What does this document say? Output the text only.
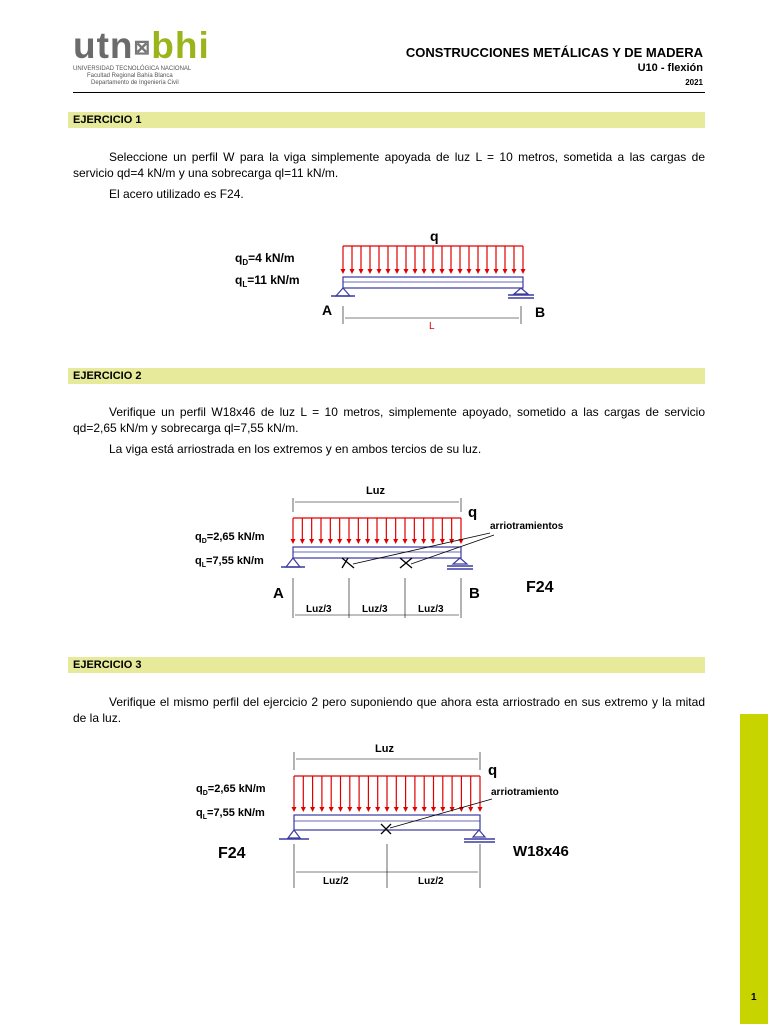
utn⊠bhi
UNIVERSIDAD TECNOLÓGICA NACIONAL
Facultad Regional Bahía Blanca
Departamento de Ingeniería Civil
CONSTRUCCIONES METÁLICAS Y DE MADERA
U10 - flexión
2021
EJERCICIO 1
Seleccione un perfil W para la viga simplemente apoyada de luz L = 10 metros, sometida a las cargas de servicio qd=4 kN/m y una sobrecarga ql=11 kN/m.
El acero utilizado es F24.
q
$q_D=4$ kN/m
$q_L=11$ kN/m
A	B
L
EJERCICIO 2
Verifique un perfil W18x46 de luz L = 10 metros, simplemente apoyado, sometido a las cargas de servicio qd=2,65 kN/m y sobrecarga ql=7,55 kN/m.
La viga está arriostrada en los extremos y en ambos tercios de su luz.
Luz
q
arriotramientos
$q_D=2,65$ kN/m
$q_L=7,55$ kN/m
A	B	F24
Luz/3	Luz/3	Luz/3
EJERCICIO 3
Verifique el mismo perfil del ejercicio 2 pero suponiendo que ahora esta arriostrado en sus extremo y la mitad de la luz.
Luz
q
arriotramiento
$q_D=2,65$ kN/m
$q_L=7,55$ kN/m
F24	W18x46
Luz/2	Luz/2
1
